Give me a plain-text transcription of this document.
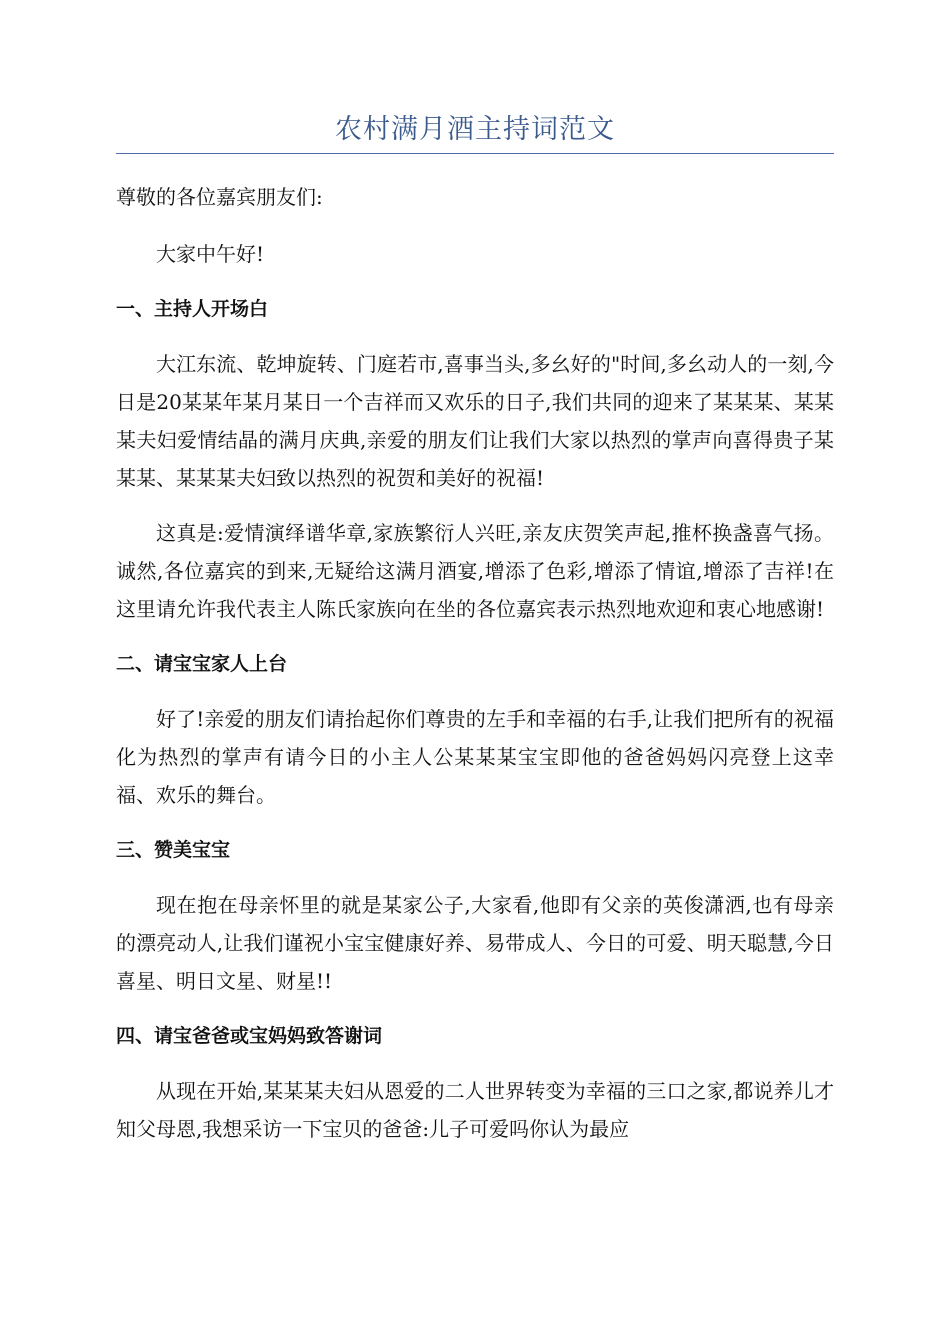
农村满月酒主持词范文

尊敬的各位嘉宾朋友们:

大家中午好!

一、主持人开场白

大江东流、乾坤旋转、门庭若市,喜事当头,多幺好的"时间,多幺动人的一刻,今日是20某某年某月某日一个吉祥而又欢乐的日子,我们共同的迎来了某某某、某某某夫妇爱情结晶的满月庆典,亲爱的朋友们让我们大家以热烈的掌声向喜得贵子某某某、某某某夫妇致以热烈的祝贺和美好的祝福!

这真是:爱情演绎谱华章,家族繁衍人兴旺,亲友庆贺笑声起,推杯换盏喜气扬。诚然,各位嘉宾的到来,无疑给这满月酒宴,增添了色彩,增添了情谊,增添了吉祥!在这里请允许我代表主人陈氏家族向在坐的各位嘉宾表示热烈地欢迎和衷心地感谢!

二、请宝宝家人上台

好了!亲爱的朋友们请抬起你们尊贵的左手和幸福的右手,让我们把所有的祝福化为热烈的掌声有请今日的小主人公某某某宝宝即他的爸爸妈妈闪亮登上这幸福、欢乐的舞台。

三、赞美宝宝

现在抱在母亲怀里的就是某家公子,大家看,他即有父亲的英俊潇洒,也有母亲的漂亮动人,让我们谨祝小宝宝健康好养、易带成人、今日的可爱、明天聪慧,今日喜星、明日文星、财星!!

四、请宝爸爸或宝妈妈致答谢词

从现在开始,某某某夫妇从恩爱的二人世界转变为幸福的三口之家,都说养儿才知父母恩,我想采访一下宝贝的爸爸:儿子可爱吗你认为最应
